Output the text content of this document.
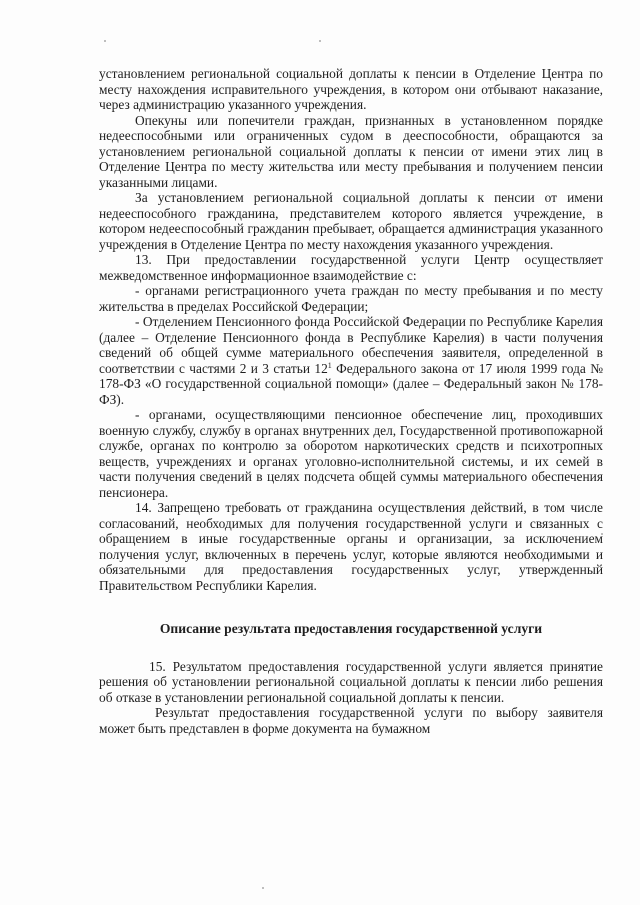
установлением региональной социальной доплаты к пенсии в Отделение Центра по месту нахождения исправительного учреждения, в котором они отбывают наказание, через администрацию указанного учреждения.

Опекуны или попечители граждан, признанных в установленном порядке недееспособными или ограниченных судом в дееспособности, обращаются за установлением региональной социальной доплаты к пенсии от имени этих лиц в Отделение Центра по месту жительства или месту пребывания и получением пенсии указанными лицами.

За установлением региональной социальной доплаты к пенсии от имени недееспособного гражданина, представителем которого является учреждение, в котором недееспособный гражданин пребывает, обращается администрация указанного учреждения в Отделение Центра по месту нахождения указанного учреждения.

13. При предоставлении государственной услуги Центр осуществляет межведомственное информационное взаимодействие с:

- органами регистрационного учета граждан по месту пребывания и по месту жительства в пределах Российской Федерации;

- Отделением Пенсионного фонда Российской Федерации по Республике Карелия (далее – Отделение Пенсионного фонда в Республике Карелия) в части получения сведений об общей сумме материального обеспечения заявителя, определенной в соответствии с частями 2 и 3 статьи $12^1$ Федерального закона от 17 июля 1999 года № 178-ФЗ «О государственной социальной помощи» (далее – Федеральный закон № 178-ФЗ).

- органами, осуществляющими пенсионное обеспечение лиц, проходивших военную службу, службу в органах внутренних дел, Государственной противопожарной службе, органах по контролю за оборотом наркотических средств и психотропных веществ, учреждениях и органах уголовно-исполнительной системы, и их семей в части получения сведений в целях подсчета общей суммы материального обеспечения пенсионера.

14. Запрещено требовать от гражданина осуществления действий, в том числе согласований, необходимых для получения государственной услуги и связанных с обращением в иные государственные органы и организации, за исключением получения услуг, включенных в перечень услуг, которые являются необходимыми и обязательными для предоставления государственных услуг, утвержденный Правительством Республики Карелия.

Описание результата предоставления государственной услуги

15. Результатом предоставления государственной услуги является принятие решения об установлении региональной социальной доплаты к пенсии либо решения об отказе в установлении региональной социальной доплаты к пенсии.

Результат предоставления государственной услуги по выбору заявителя может быть представлен в форме документа на бумажном
